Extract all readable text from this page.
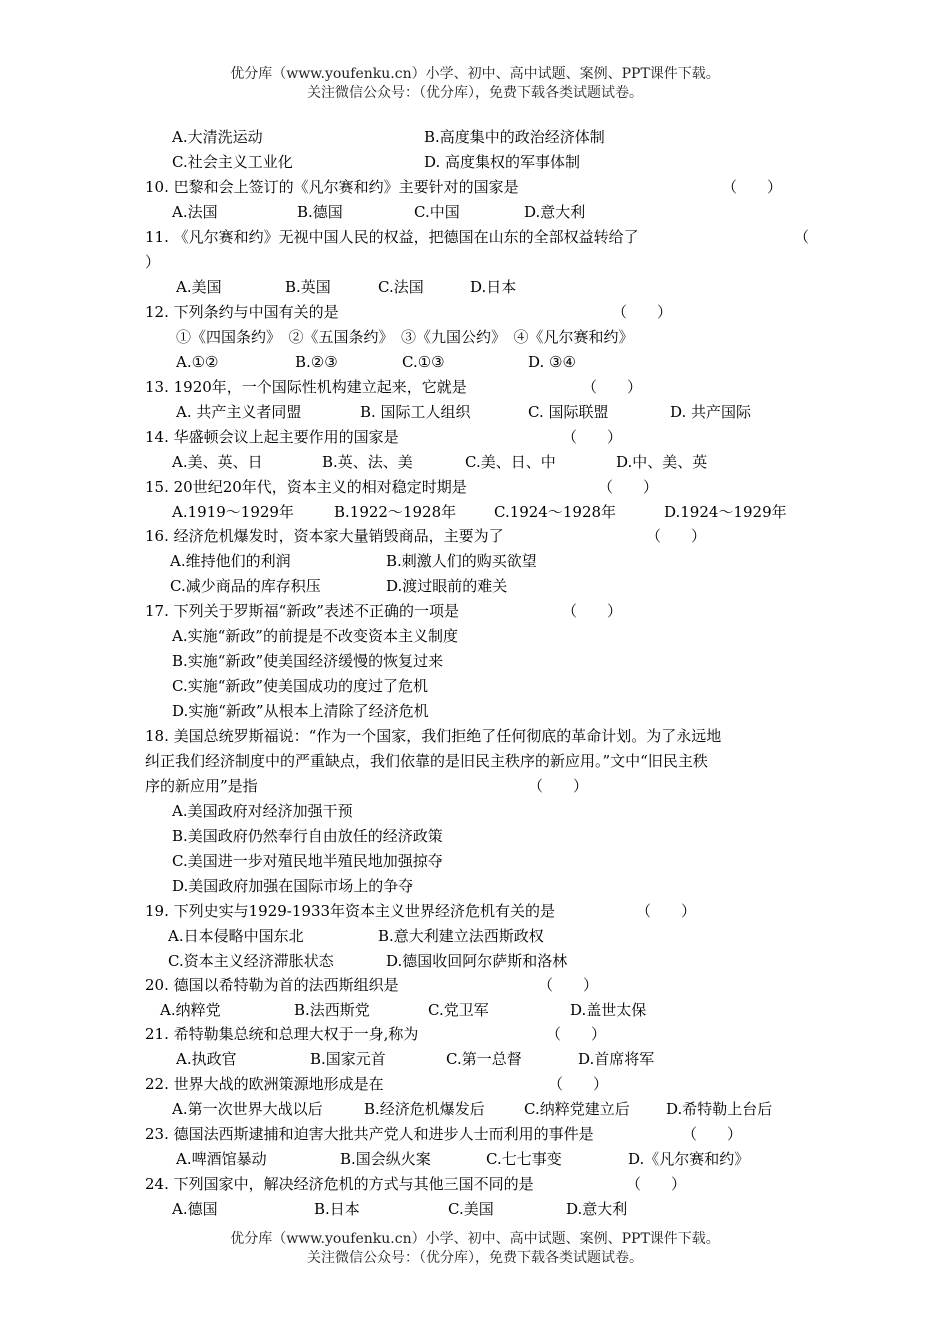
优分库（www.youfenku.cn）小学、初中、高中试题、案例、PPT课件下载。
关注微信公众号：（优分库），免费下载各类试题试卷。
A.大清洗运动	B.高度集中的政治经济体制
C.社会主义工业化	D. 高度集权的军事体制
10. 巴黎和会上签订的《凡尔赛和约》主要针对的国家是	（　　）
A.法国	B.德国	C.中国	D.意大利
11. 《凡尔赛和约》无视中国人民的权益，把德国在山东的全部权益转给了	（
）
A.美国	B.英国	C.法国	D.日本
12. 下列条约与中国有关的是	（　　）
①《四国条约》　②《五国条约》　③《九国公约》　④《凡尔赛和约》
A.①②	B.②③	C.①③	D. ③④
13. 1920年，一个国际性机构建立起来，它就是	（　　）
A. 共产主义者同盟	B. 国际工人组织	C. 国际联盟	D. 共产国际
14. 华盛顿会议上起主要作用的国家是	（　　）
A.美、英、日	B.英、法、美	C.美、日、中	D.中、美、英
15. 20世纪20年代，资本主义的相对稳定时期是	（　　）
A.1919～1929年	B.1922～1928年	C.1924～1928年	D.1924～1929年
16. 经济危机爆发时，资本家大量销毁商品，主要为了	（　　）
A.维持他们的利润	B.刺激人们的购买欲望
C.减少商品的库存积压	D.渡过眼前的难关
17. 下列关于罗斯福“新政”表述不正确的一项是	（　　）
A.实施“新政”的前提是不改变资本主义制度
B.实施“新政”使美国经济缓慢的恢复过来
C.实施“新政”使美国成功的度过了危机
D.实施“新政”从根本上清除了经济危机
18. 美国总统罗斯福说：“作为一个国家，我们拒绝了任何彻底的革命计划。为了永远地
纠正我们经济制度中的严重缺点，我们依靠的是旧民主秩序的新应用。”文中“旧民主秩
序的新应用”是指	（　　）
A.美国政府对经济加强干预
B.美国政府仍然奉行自由放任的经济政策
C.美国进一步对殖民地半殖民地加强掠夺
D.美国政府加强在国际市场上的争夺
19. 下列史实与1929-1933年资本主义世界经济危机有关的是	（　　）
A.日本侵略中国东北	B.意大利建立法西斯政权
C.资本主义经济滞胀状态	D.德国收回阿尔萨斯和洛林
20. 德国以希特勒为首的法西斯组织是	（　　）
A.纳粹党	B.法西斯党	C.党卫军	D.盖世太保
21. 希特勒集总统和总理大权于一身,称为	（　　）
A.执政官	B.国家元首	C.第一总督	D.首席将军
22. 世界大战的欧洲策源地形成是在	（　　）
A.第一次世界大战以后	B.经济危机爆发后	C.纳粹党建立后 D.希特勒上台后
23. 德国法西斯逮捕和迫害大批共产党人和进步人士而利用的事件是	（　　）
A.啤酒馆暴动	B.国会纵火案	C.七七事变	D.《凡尔赛和约》
24. 下列国家中，解决经济危机的方式与其他三国不同的是	（　　）
A.德国	B.日本	C.美国	D.意大利
优分库（www.youfenku.cn）小学、初中、高中试题、案例、PPT课件下载。
关注微信公众号：（优分库），免费下载各类试题试卷。
